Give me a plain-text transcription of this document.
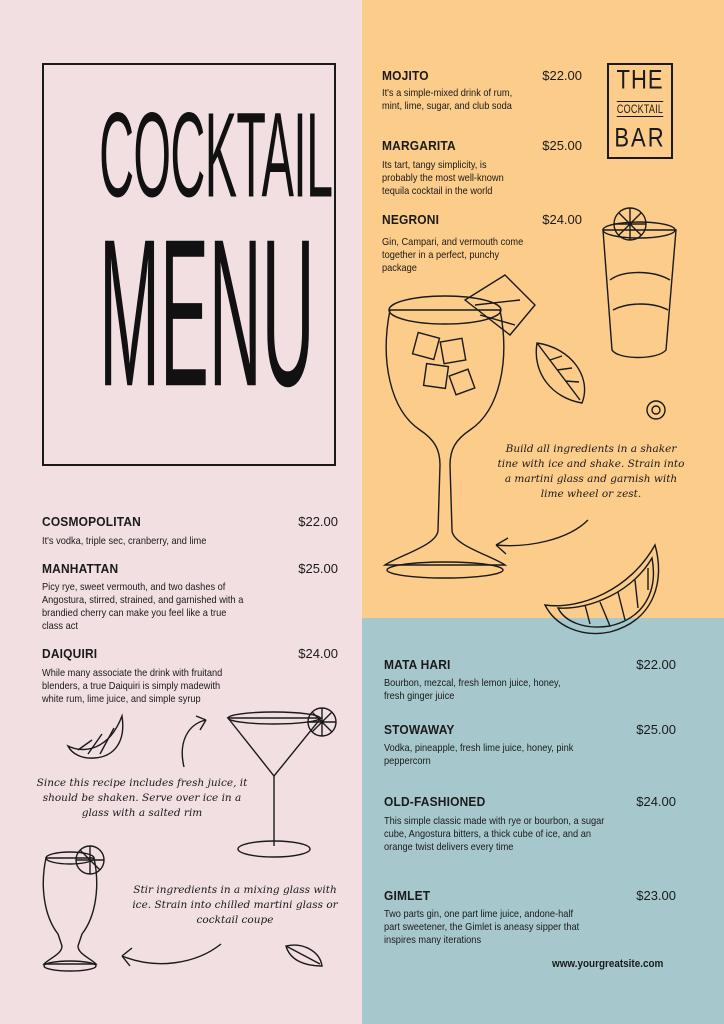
COCKTAIL
MENU
THE
COCKTAIL
BAR
COSMOPOLITAN	$22.00
It's vodka, triple sec, cranberry, and lime
MANHATTAN	$25.00
Picy rye, sweet vermouth, and two dashes of
Angostura, stirred, strained, and garnished with a
brandied cherry can make you feel like a true
class act
DAIQUIRI	$24.00
While many associate the drink with fruitand
blenders, a true Daiquiri is simply madewith
white rum, lime juice, and simple syrup
MOJITO	$22.00
It's a simple-mixed drink of rum,
mint, lime, sugar, and club soda
MARGARITA	$25.00
Its tart, tangy simplicity, is
probably the most well-known
tequila cocktail in the world
NEGRONI	$24.00
Gin, Campari, and vermouth come
together in a perfect, punchy
package
MATA HARI	$22.00
Bourbon, mezcal, fresh lemon juice, honey,
fresh ginger juice
STOWAWAY	$25.00
Vodka, pineapple, fresh lime juice, honey, pink
peppercorn
OLD-FASHIONED	$24.00
This simple classic made with rye or bourbon, a sugar
cube, Angostura bitters, a thick cube of ice, and an
orange twist delivers every time
GIMLET	$23.00
Two parts gin, one part lime juice, andone-half
part sweetener, the Gimlet is aneasy sipper that
inspires many iterations
Build all ingredients in a shaker
tine with ice and shake. Strain into
a martini glass and garnish with
lime wheel or zest.
Since this recipe includes fresh juice, it
should be shaken. Serve over ice in a
glass with a salted rim
Stir ingredients in a mixing glass with
ice. Strain into chilled martini glass or
cocktail coupe
www.yourgreatsite.com
